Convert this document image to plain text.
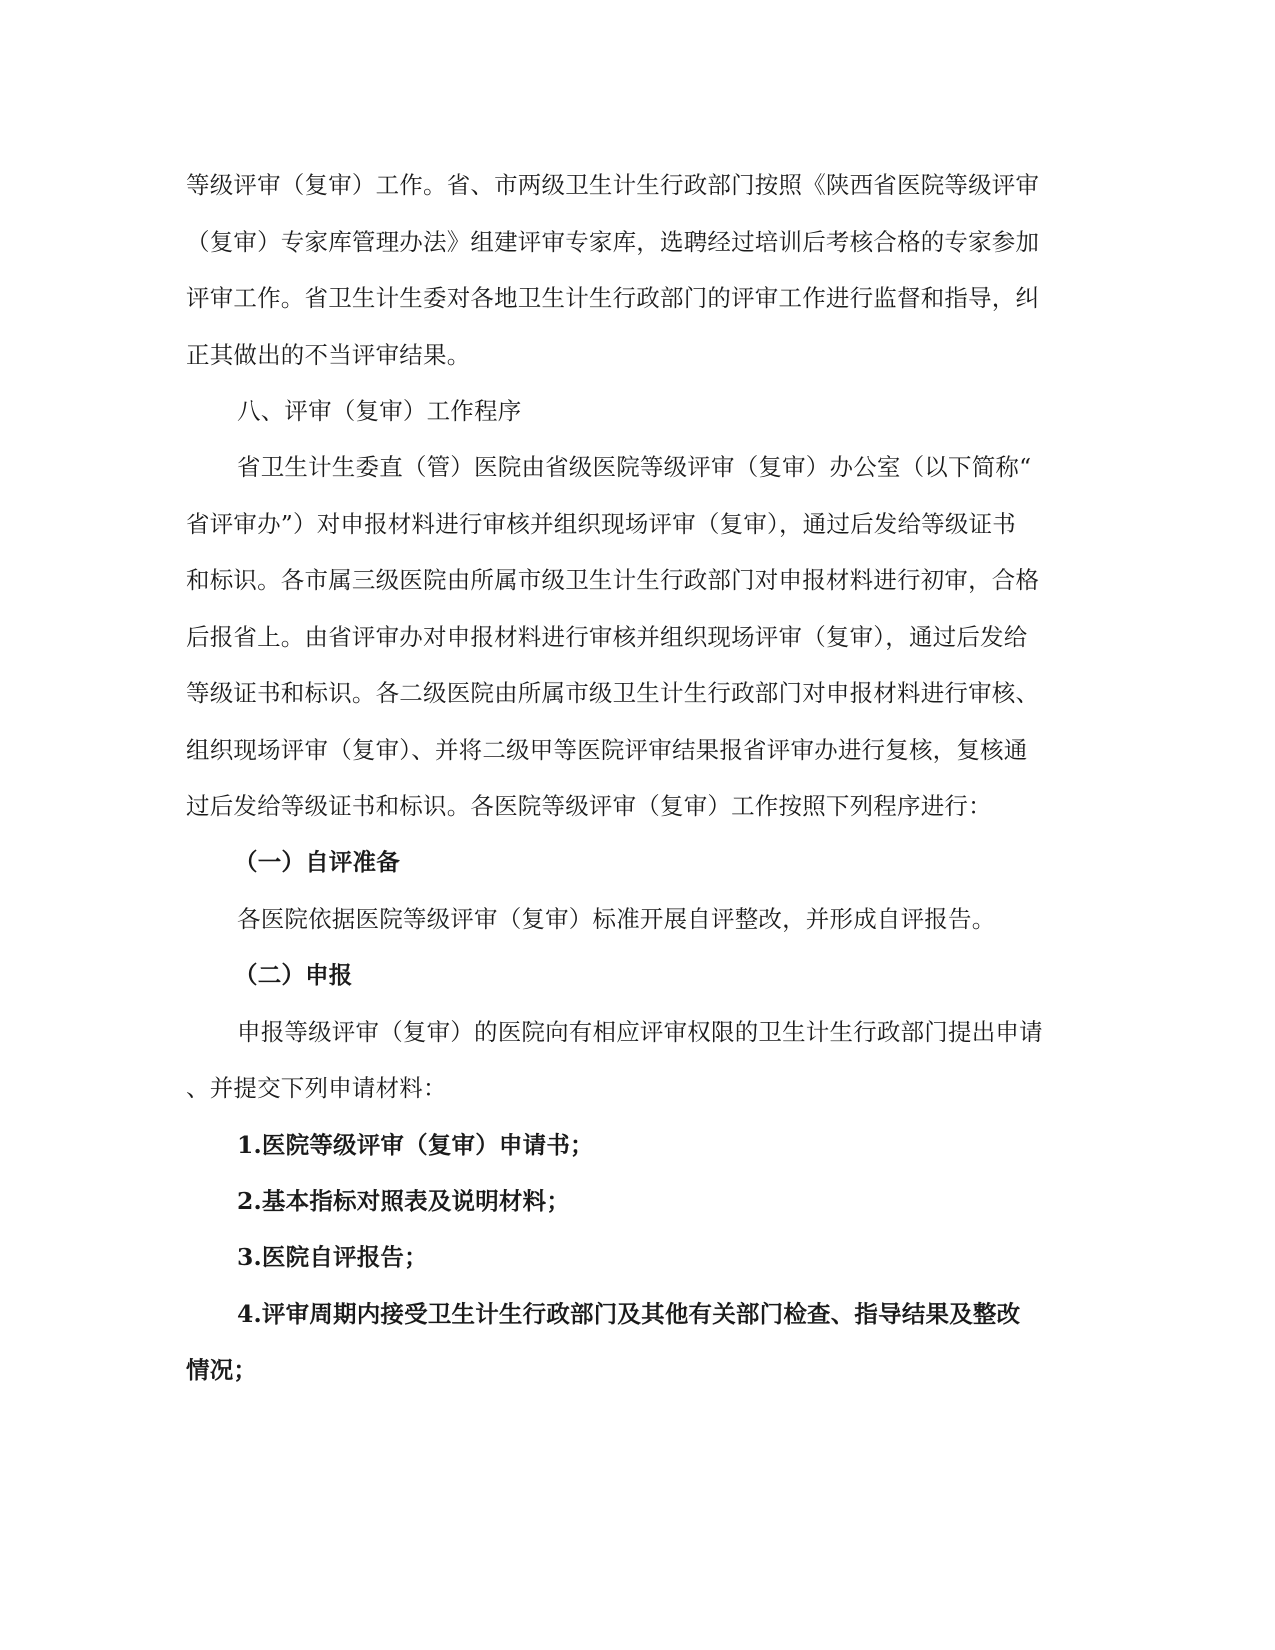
等级评审（复审）工作。省、市两级卫生计生行政部门按照《陕西省医院等级评审
（复审）专家库管理办法》组建评审专家库，选聘经过培训后考核合格的专家参加
评审工作。省卫生计生委对各地卫生计生行政部门的评审工作进行监督和指导，纠
正其做出的不当评审结果。
八、评审（复审）工作程序
省卫生计生委直（管）医院由省级医院等级评审（复审）办公室（以下简称“
省评审办”）对申报材料进行审核并组织现场评审（复审），通过后发给等级证书
和标识。各市属三级医院由所属市级卫生计生行政部门对申报材料进行初审，合格
后报省上。由省评审办对申报材料进行审核并组织现场评审（复审），通过后发给
等级证书和标识。各二级医院由所属市级卫生计生行政部门对申报材料进行审核、
组织现场评审（复审）、并将二级甲等医院评审结果报省评审办进行复核，复核通
过后发给等级证书和标识。各医院等级评审（复审）工作按照下列程序进行：
（一）自评准备
各医院依据医院等级评审（复审）标准开展自评整改，并形成自评报告。
（二）申报
申报等级评审（复审）的医院向有相应评审权限的卫生计生行政部门提出申请
、并提交下列申请材料：
1.医院等级评审（复审）申请书；
2.基本指标对照表及说明材料；
3.医院自评报告；
4.评审周期内接受卫生计生行政部门及其他有关部门检查、指导结果及整改
情况；
